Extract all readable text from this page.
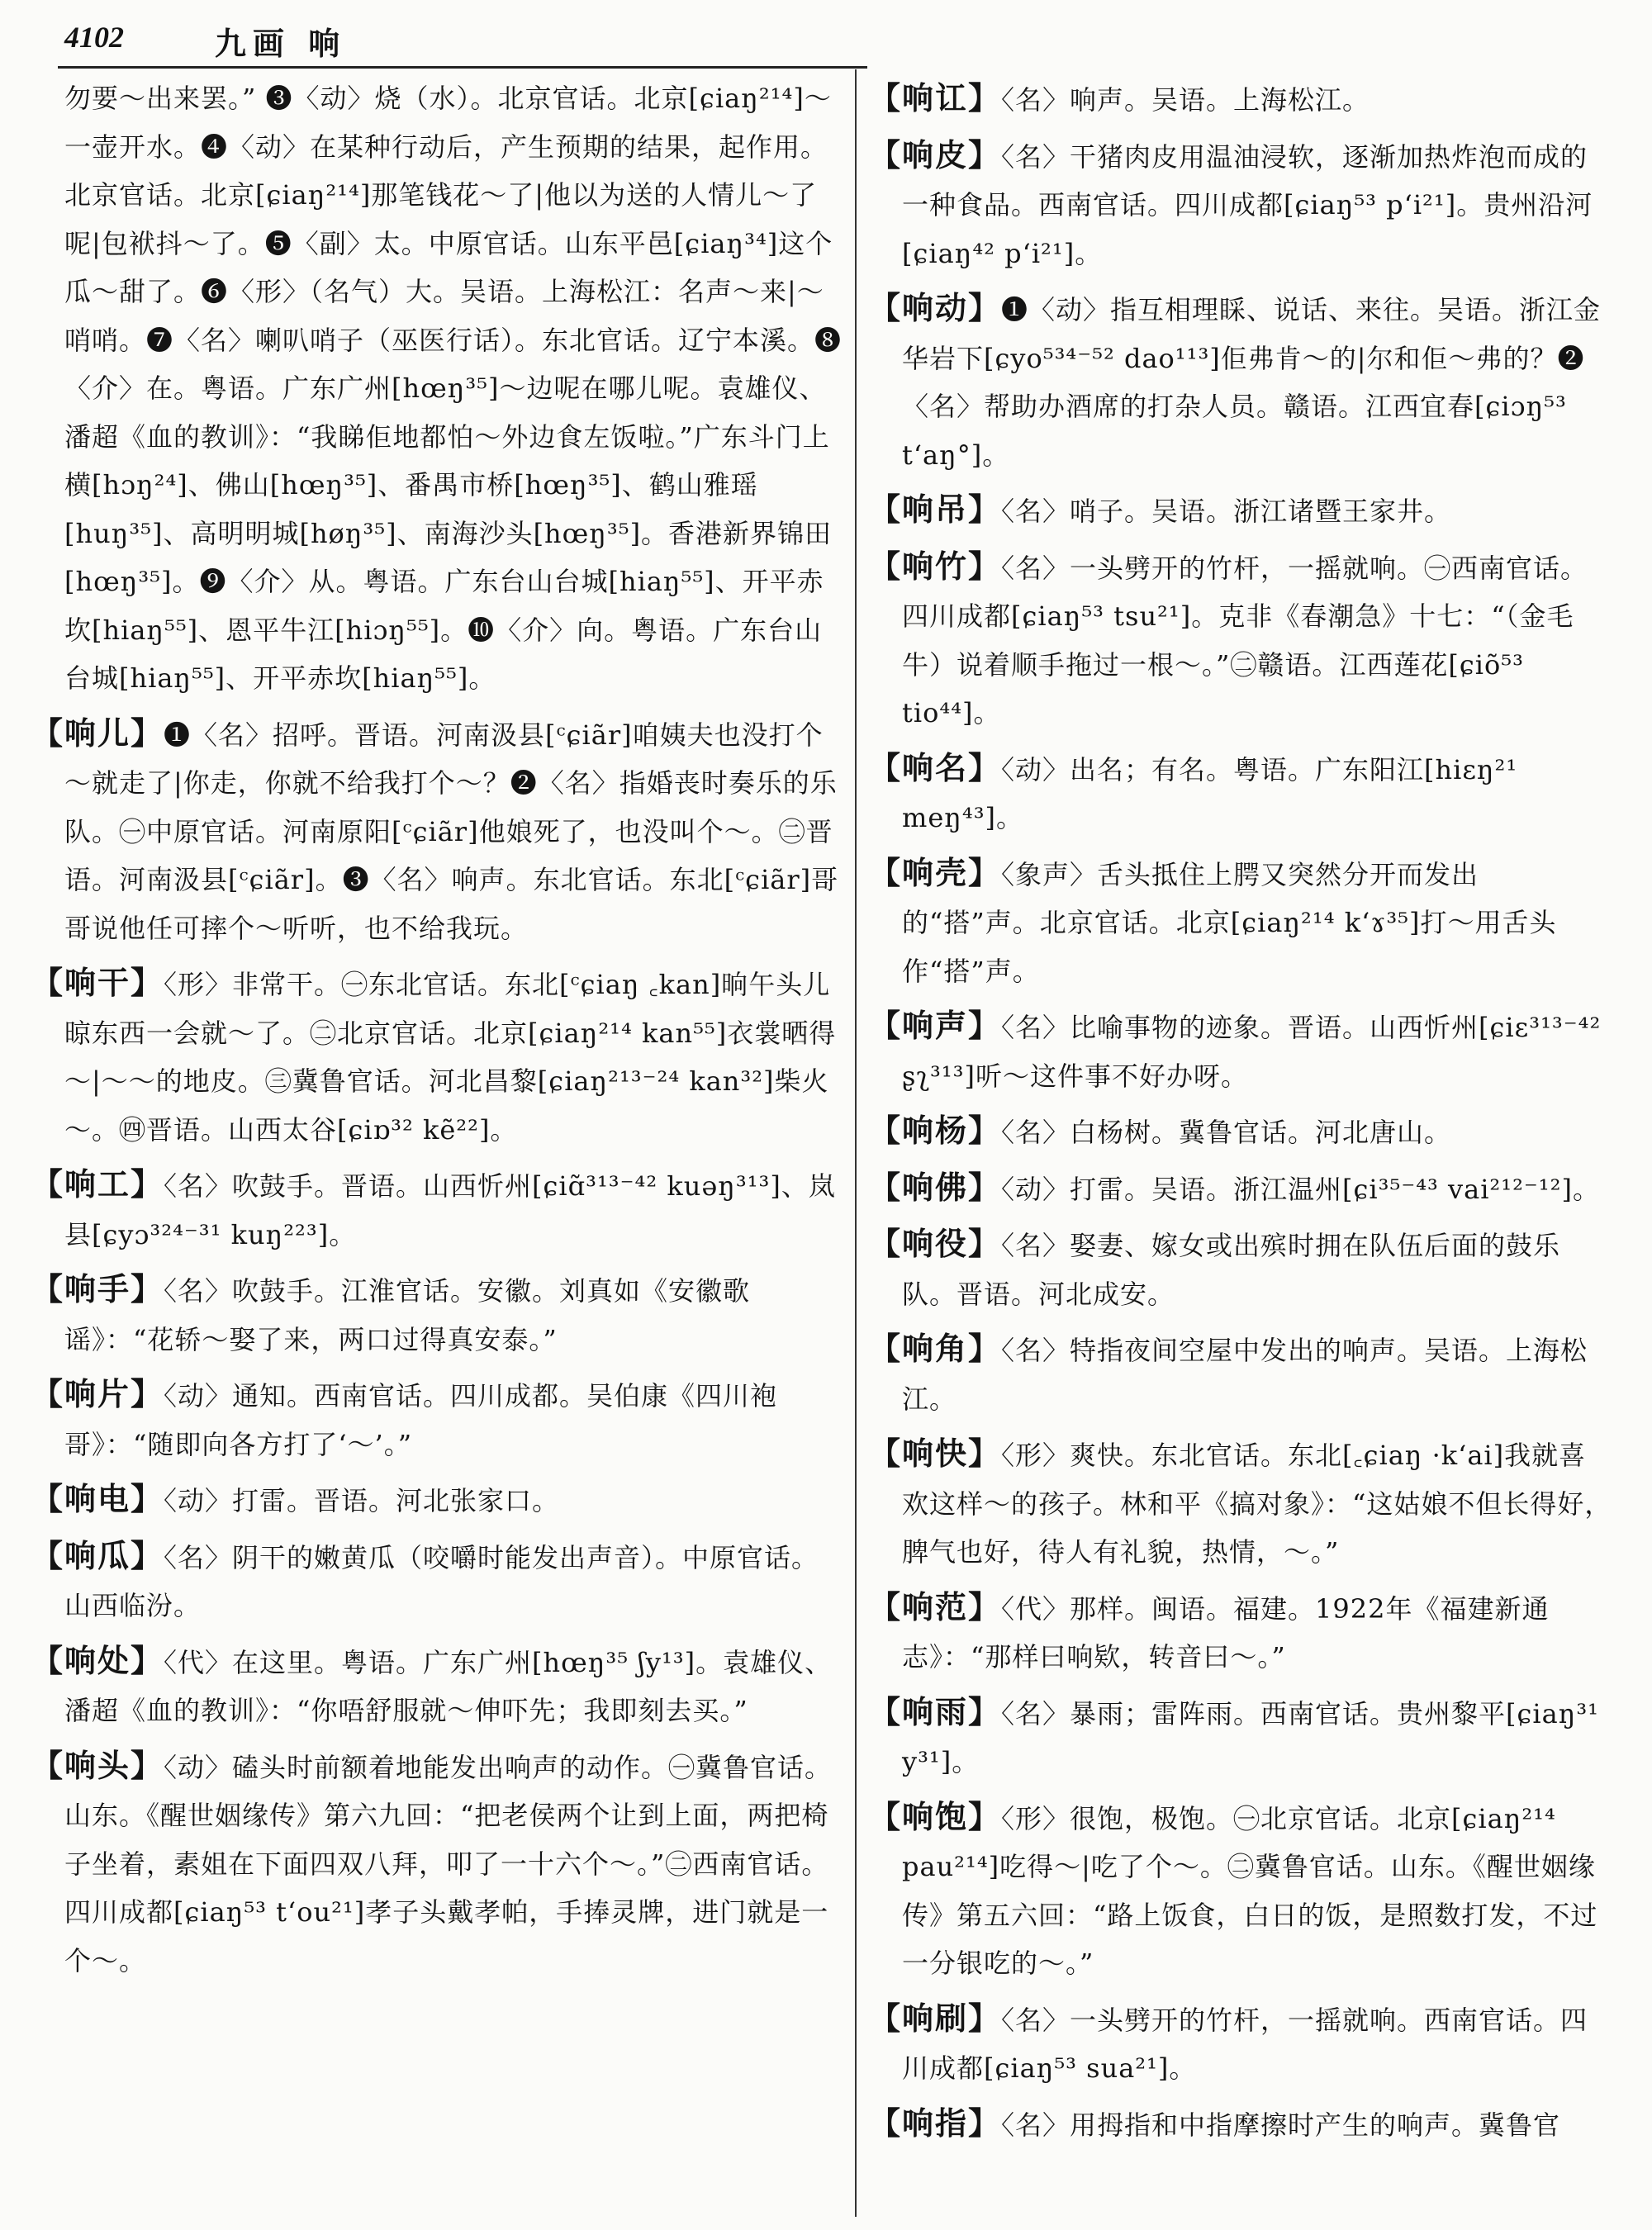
4102	九画 响

勿要～出来罢。” ❸〈动〉烧（水）。北京官话。北京[ɕiaŋ²¹⁴]～一壶开水。❹〈动〉在某种行动后，产生预期的结果，起作用。北京官话。北京[ɕiaŋ²¹⁴]那笔钱花～了|他以为送的人情儿～了呢|包袱抖～了。❺〈副〉太。中原官话。山东平邑[ɕiaŋ³⁴]这个瓜～甜了。❻〈形〉（名气）大。吴语。上海松江：名声～来|～哨哨。❼〈名〉喇叭哨子（巫医行话）。东北官话。辽宁本溪。❽〈介〉在。粤语。广东广州[hœŋ³⁵]～边呢在哪儿呢。袁雄仪、潘超《血的教训》：“我睇佢地都怕～外边食左饭啦。”广东斗门上横[hɔŋ²⁴]、佛山[hœŋ³⁵]、番禺市桥[hœŋ³⁵]、鹤山雅瑶[huŋ³⁵]、高明明城[høŋ³⁵]、南海沙头[hœŋ³⁵]。香港新界锦田[hœŋ³⁵]。❾〈介〉从。粤语。广东台山台城[hiaŋ⁵⁵]、开平赤坎[hiaŋ⁵⁵]、恩平牛江[hiɔŋ⁵⁵]。❿〈介〉向。粤语。广东台山台城[hiaŋ⁵⁵]、开平赤坎[hiaŋ⁵⁵]。

【响儿】❶〈名〉招呼。晋语。河南汲县[ᶜɕiãr]咱姨夫也没打个～就走了|你走，你就不给我打个～？❷〈名〉指婚丧时奏乐的乐队。㊀中原官话。河南原阳[ᶜɕiãr]他娘死了，也没叫个～。㊁晋语。河南汲县[ᶜɕiãr]。❸〈名〉响声。东北官话。东北[ᶜɕiãr]哥哥说他任可摔个～听听，也不给我玩。

【响干】〈形〉非常干。㊀东北官话。东北[ᶜɕiaŋ ꜀kan]晌午头儿晾东西一会就～了。㊁北京官话。北京[ɕiaŋ²¹⁴ kan⁵⁵]衣裳晒得～|～～的地皮。㊂冀鲁官话。河北昌黎[ɕiaŋ²¹³⁻²⁴ kan³²]柴火～。㊃晋语。山西太谷[ɕiɒ³² kẽ²²]。

【响工】〈名〉吹鼓手。晋语。山西忻州[ɕiɑ̃³¹³⁻⁴² kuəŋ³¹³]、岚县[ɕyɔ³²⁴⁻³¹ kuŋ²²³]。

【响手】〈名〉吹鼓手。江淮官话。安徽。刘真如《安徽歌谣》：“花轿～娶了来，两口过得真安泰。”

【响片】〈动〉通知。西南官话。四川成都。吴伯康《四川袍哥》：“随即向各方打了‘～’。”

【响电】〈动〉打雷。晋语。河北张家口。

【响瓜】〈名〉阴干的嫩黄瓜（咬嚼时能发出声音）。中原官话。山西临汾。

【响处】〈代〉在这里。粤语。广东广州[hœŋ³⁵ ʃy¹³]。袁雄仪、潘超《血的教训》：“你唔舒服就～伸吓先；我即刻去买。”

【响头】〈动〉磕头时前额着地能发出响声的动作。㊀冀鲁官话。山东。《醒世姻缘传》第六九回：“把老侯两个让到上面，两把椅子坐着，素姐在下面四双八拜，叩了一十六个～。”㊁西南官话。四川成都[ɕiaŋ⁵³ tʻou²¹]孝子头戴孝帕，手捧灵牌，进门就是一个～。

【响讧】〈名〉响声。吴语。上海松江。

【响皮】〈名〉干猪肉皮用温油浸软，逐渐加热炸泡而成的一种食品。西南官话。四川成都[ɕiaŋ⁵³ pʻi²¹]。贵州沿河[ɕiaŋ⁴² pʻi²¹]。

【响动】❶〈动〉指互相理睬、说话、来往。吴语。浙江金华岩下[ɕyo⁵³⁴⁻⁵² dao¹¹³]佢弗肯～的|尔和佢～弗的？❷〈名〉帮助办酒席的打杂人员。赣语。江西宜春[ɕiɔŋ⁵³ tʻaŋ°]。

【响吊】〈名〉哨子。吴语。浙江诸暨王家井。

【响竹】〈名〉一头劈开的竹杆，一摇就响。㊀西南官话。四川成都[ɕiaŋ⁵³ tsu²¹]。克非《春潮急》十七：“（金毛牛）说着顺手拖过一根～。”㊁赣语。江西莲花[ɕiõ⁵³ tio⁴⁴]。

【响名】〈动〉出名；有名。粤语。广东阳江[hiɛŋ²¹ meŋ⁴³]。

【响壳】〈象声〉舌头抵住上腭又突然分开而发出的“搭”声。北京官话。北京[ɕiaŋ²¹⁴ kʻɤ³⁵]打～用舌头作“搭”声。

【响声】〈名〉比喻事物的迹象。晋语。山西忻州[ɕiɛ³¹³⁻⁴² ʂʅ³¹³]听～这件事不好办呀。

【响杨】〈名〉白杨树。冀鲁官话。河北唐山。

【响佛】〈动〉打雷。吴语。浙江温州[ɕi³⁵⁻⁴³ vai²¹²⁻¹²]。

【响役】〈名〉娶妻、嫁女或出殡时拥在队伍后面的鼓乐队。晋语。河北成安。

【响角】〈名〉特指夜间空屋中发出的响声。吴语。上海松江。

【响快】〈形〉爽快。东北官话。东北[꜀ɕiaŋ ·kʻai]我就喜欢这样～的孩子。林和平《搞对象》：“这姑娘不但长得好，脾气也好，待人有礼貌，热情，～。”

【响范】〈代〉那样。闽语。福建。1922年《福建新通志》：“那样曰响欵，转音曰～。”

【响雨】〈名〉暴雨；雷阵雨。西南官话。贵州黎平[ɕiaŋ³¹ y³¹]。

【响饱】〈形〉很饱，极饱。㊀北京官话。北京[ɕiaŋ²¹⁴ pau²¹⁴]吃得～|吃了个～。㊁冀鲁官话。山东。《醒世姻缘传》第五六回：“路上饭食，白日的饭，是照数打发，不过一分银吃的～。”

【响刷】〈名〉一头劈开的竹杆，一摇就响。西南官话。四川成都[ɕiaŋ⁵³ sua²¹]。

【响指】〈名〉用拇指和中指摩擦时产生的响声。冀鲁官
